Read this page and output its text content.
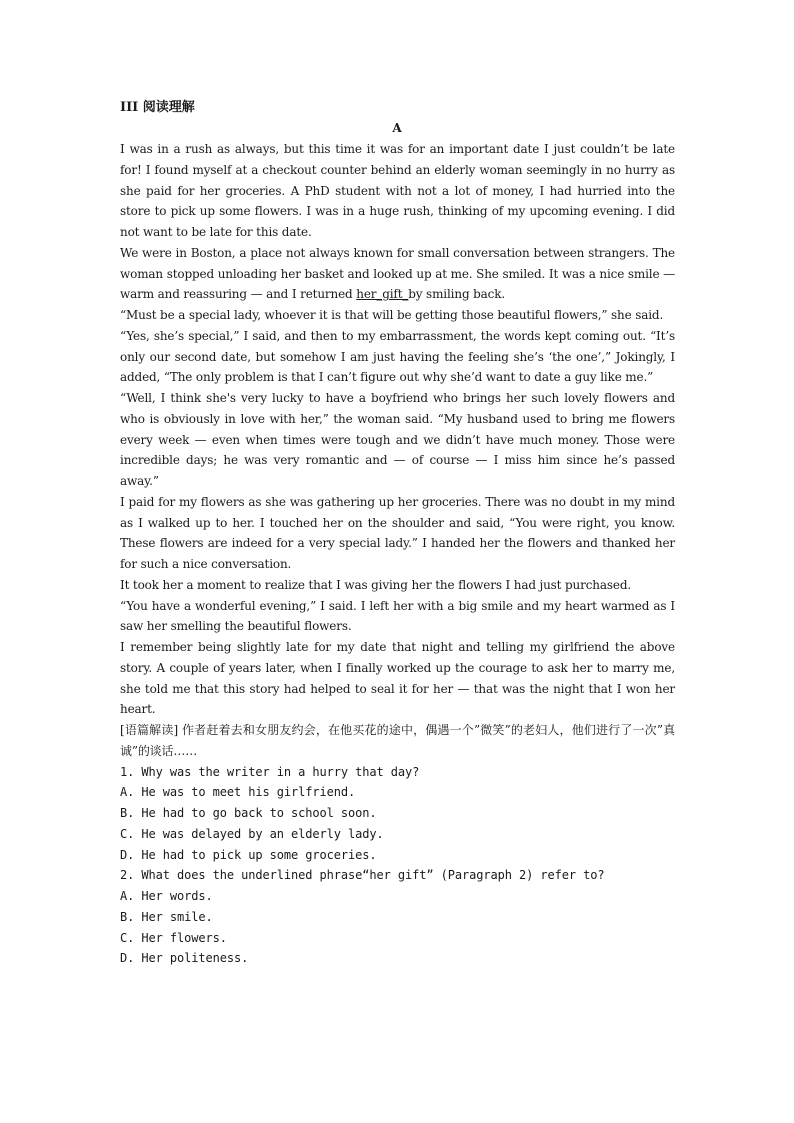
III 阅读理解
A

I was in a rush as always, but this time it was for an important date I just couldn’t be late for! I found myself at a checkout counter behind an elderly woman seemingly in no hurry as she paid for her groceries. A PhD student with not a lot of money, I had hurried into the store to pick up some flowers. I was in a huge rush, thinking of my upcoming evening. I did not want to be late for this date.

We were in Boston, a place not always known for small conversation between strangers. The woman stopped unloading her basket and looked up at me. She smiled. It was a nice smile —warm and reassuring — and I returned her_gift_by smiling back.

“Must be a special lady, whoever it is that will be getting those beautiful flowers,” she said.

“Yes, she’s special,” I said, and then to my embarrassment, the words kept coming out. “It’s only our second date, but somehow I am just having the feeling she’s ‘the one’,” Jokingly, I added, “The only problem is that I can’t figure out why she’d want to date a guy like me.”

“Well, I think she's very lucky to have a boyfriend who brings her such lovely flowers and who is obviously in love with her,” the woman said. “My husband used to bring me flowers every week — even when times were tough and we didn’t have much money. Those were incredible days; he was very romantic and — of course — I miss him since he’s passed away.”

I paid for my flowers as she was gathering up her groceries. There was no doubt in my mind as I walked up to her. I touched her on the shoulder and said, “You were right, you know. These flowers are indeed for a very special lady.” I handed her the flowers and thanked her for such a nice conversation.

It took her a moment to realize that I was giving her the flowers I had just purchased.

“You have a wonderful evening,” I said. I left her with a big smile and my heart warmed as I saw her smelling the beautiful flowers.

I remember being slightly late for my date that night and telling my girlfriend the above story. A couple of years later, when I finally worked up the courage to ask her to marry me, she told me that this story had helped to seal it for her — that was the night that I won her heart.

[语篇解读] 作者赶着去和女朋友约会，在他买花的途中，偶遇一个”微笑”的老妇人，他们进行了一次”真诚”的谈话……

1. Why was the writer in a hurry that day?

A. He was to meet his girlfriend.

B. He had to go back to school soon.

C. He was delayed by an elderly lady.

D. He had to pick up some groceries.

2. What does the underlined phrase“her gift” (Paragraph 2) refer to?

A. Her words.

B. Her smile.

C. Her flowers.

D. Her politeness.
